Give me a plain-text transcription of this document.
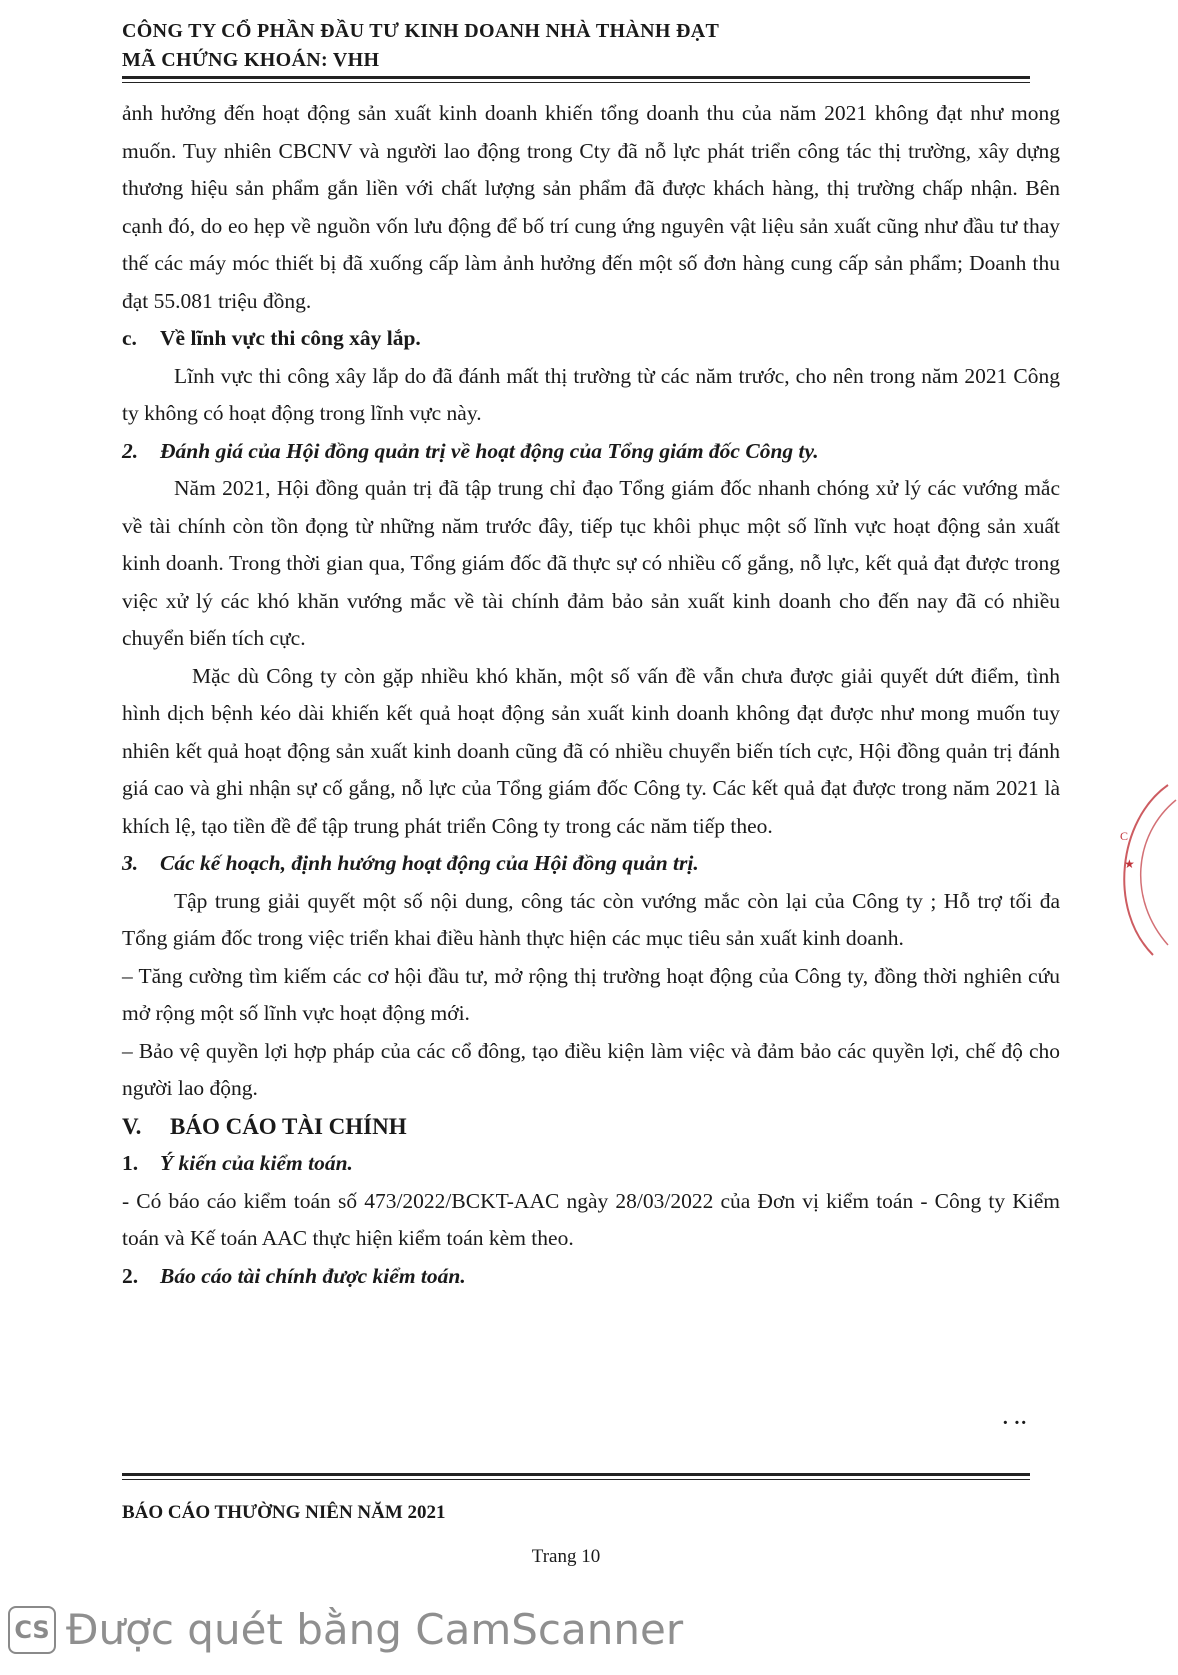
CÔNG TY CỔ PHẦN ĐẦU TƯ KINH DOANH NHÀ THÀNH ĐẠT
MÃ CHỨNG KHOÁN: VHH

ảnh hưởng đến hoạt động sản xuất kinh doanh khiến tổng doanh thu của năm 2021 không đạt như mong muốn. Tuy nhiên CBCNV và người lao động trong Cty đã nỗ lực phát triển công tác thị trường, xây dựng thương hiệu sản phẩm gắn liền với chất lượng sản phẩm đã được khách hàng, thị trường chấp nhận. Bên cạnh đó, do eo hẹp về nguồn vốn lưu động để bố trí cung ứng nguyên vật liệu sản xuất cũng như đầu tư thay thế các máy móc thiết bị đã xuống cấp làm ảnh hưởng đến một số đơn hàng cung cấp sản phẩm; Doanh thu đạt 55.081 triệu đồng.

c. Về lĩnh vực thi công xây lắp.

Lĩnh vực thi công xây lắp do đã đánh mất thị trường từ các năm trước, cho nên trong năm 2021 Công ty không có hoạt động trong lĩnh vực này.

2. Đánh giá của Hội đồng quản trị về hoạt động của Tổng giám đốc Công ty.

Năm 2021, Hội đồng quản trị đã tập trung chỉ đạo Tổng giám đốc nhanh chóng xử lý các vướng mắc về tài chính còn tồn đọng từ những năm trước đây, tiếp tục khôi phục một số lĩnh vực hoạt động sản xuất kinh doanh. Trong thời gian qua, Tổng giám đốc đã thực sự có nhiều cố gắng, nỗ lực, kết quả đạt được trong việc xử lý các khó khăn vướng mắc về tài chính đảm bảo sản xuất kinh doanh cho đến nay đã có nhiều chuyển biến tích cực.

Mặc dù Công ty còn gặp nhiều khó khăn, một số vấn đề vẫn chưa được giải quyết dứt điểm, tình hình dịch bệnh kéo dài khiến kết quả hoạt động sản xuất kinh doanh không đạt được như mong muốn tuy nhiên kết quả hoạt động sản xuất kinh doanh cũng đã có nhiều chuyển biến tích cực, Hội đồng quản trị đánh giá cao và ghi nhận sự cố gắng, nỗ lực của Tổng giám đốc Công ty. Các kết quả đạt được trong năm 2021 là khích lệ, tạo tiền đề để tập trung phát triển Công ty trong các năm tiếp theo.

3. Các kế hoạch, định hướng hoạt động của Hội đồng quản trị.

Tập trung giải quyết một số nội dung, công tác còn vướng mắc còn lại của Công ty ; Hỗ trợ tối đa Tổng giám đốc trong việc triển khai điều hành thực hiện các mục tiêu sản xuất kinh doanh.

– Tăng cường tìm kiếm các cơ hội đầu tư, mở rộng thị trường hoạt động của Công ty, đồng thời nghiên cứu mở rộng một số lĩnh vực hoạt động mới.

– Bảo vệ quyền lợi hợp pháp của các cổ đông, tạo điều kiện làm việc và đảm bảo các quyền lợi, chế độ cho người lao động.

V. BÁO CÁO TÀI CHÍNH

1. Ý kiến của kiểm toán.

- Có báo cáo kiểm toán số 473/2022/BCKT-AAC ngày 28/03/2022 của Đơn vị kiểm toán - Công ty Kiểm toán và Kế toán AAC thực hiện kiểm toán kèm theo.

2. Báo cáo tài chính được kiểm toán.

· ··
C
★
BÁO CÁO THƯỜNG NIÊN NĂM 2021
Trang 10
CS Được quét bằng CamScanner
